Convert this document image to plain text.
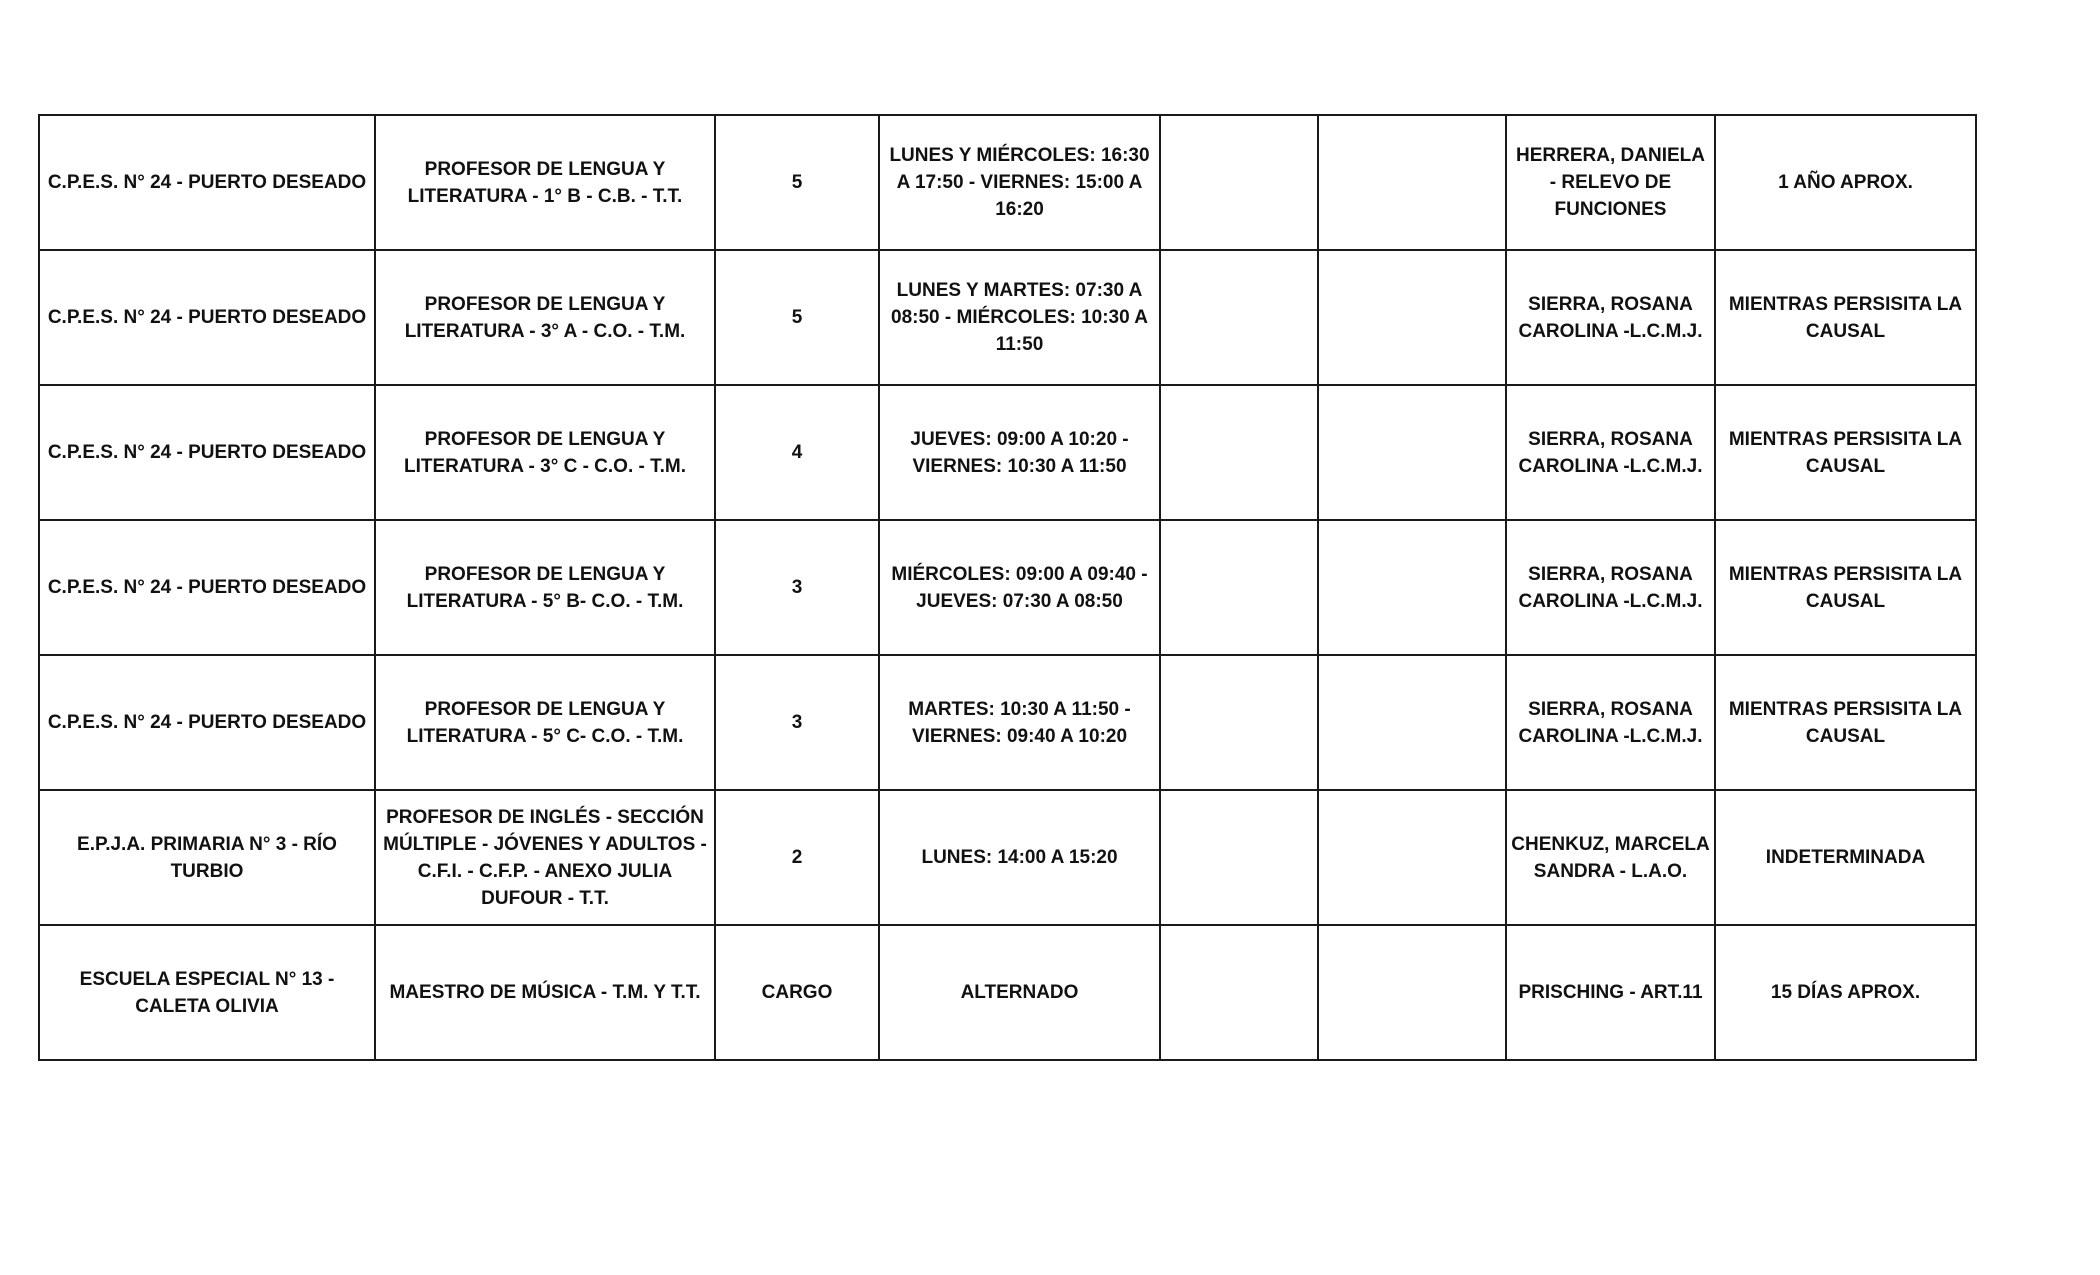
C.P.E.S. N° 24 - PUERTO DESEADO	PROFESOR DE LENGUA Y LITERATURA - 1° B - C.B. - T.T.	5	LUNES Y MIÉRCOLES: 16:30 A 17:50 - VIERNES: 15:00 A 16:20			HERRERA, DANIELA - RELEVO DE FUNCIONES	1 AÑO APROX.
C.P.E.S. N° 24 - PUERTO DESEADO	PROFESOR DE LENGUA Y LITERATURA - 3° A - C.O. - T.M.	5	LUNES Y MARTES: 07:30 A 08:50 - MIÉRCOLES: 10:30 A 11:50			SIERRA, ROSANA CAROLINA -L.C.M.J.	MIENTRAS PERSISITA LA CAUSAL
C.P.E.S. N° 24 - PUERTO DESEADO	PROFESOR DE LENGUA Y LITERATURA - 3° C - C.O. - T.M.	4	JUEVES: 09:00 A 10:20 - VIERNES: 10:30 A 11:50			SIERRA, ROSANA CAROLINA -L.C.M.J.	MIENTRAS PERSISITA LA CAUSAL
C.P.E.S. N° 24 - PUERTO DESEADO	PROFESOR DE LENGUA Y LITERATURA - 5° B- C.O. - T.M.	3	MIÉRCOLES: 09:00 A 09:40 - JUEVES: 07:30 A 08:50			SIERRA, ROSANA CAROLINA -L.C.M.J.	MIENTRAS PERSISITA LA CAUSAL
C.P.E.S. N° 24 - PUERTO DESEADO	PROFESOR DE LENGUA Y LITERATURA - 5° C- C.O. - T.M.	3	MARTES: 10:30 A 11:50 - VIERNES: 09:40 A 10:20			SIERRA, ROSANA CAROLINA -L.C.M.J.	MIENTRAS PERSISITA LA CAUSAL
E.P.J.A. PRIMARIA N° 3 - RÍO TURBIO	PROFESOR DE INGLÉS - SECCIÓN MÚLTIPLE - JÓVENES Y ADULTOS - C.F.I. - C.F.P. - ANEXO JULIA DUFOUR - T.T.	2	LUNES: 14:00 A 15:20			CHENKUZ, MARCELA SANDRA - L.A.O.	INDETERMINADA
ESCUELA ESPECIAL N° 13 - CALETA OLIVIA	MAESTRO DE MÚSICA - T.M. Y T.T.	CARGO	ALTERNADO			PRISCHING - ART.11	15 DÍAS APROX.
